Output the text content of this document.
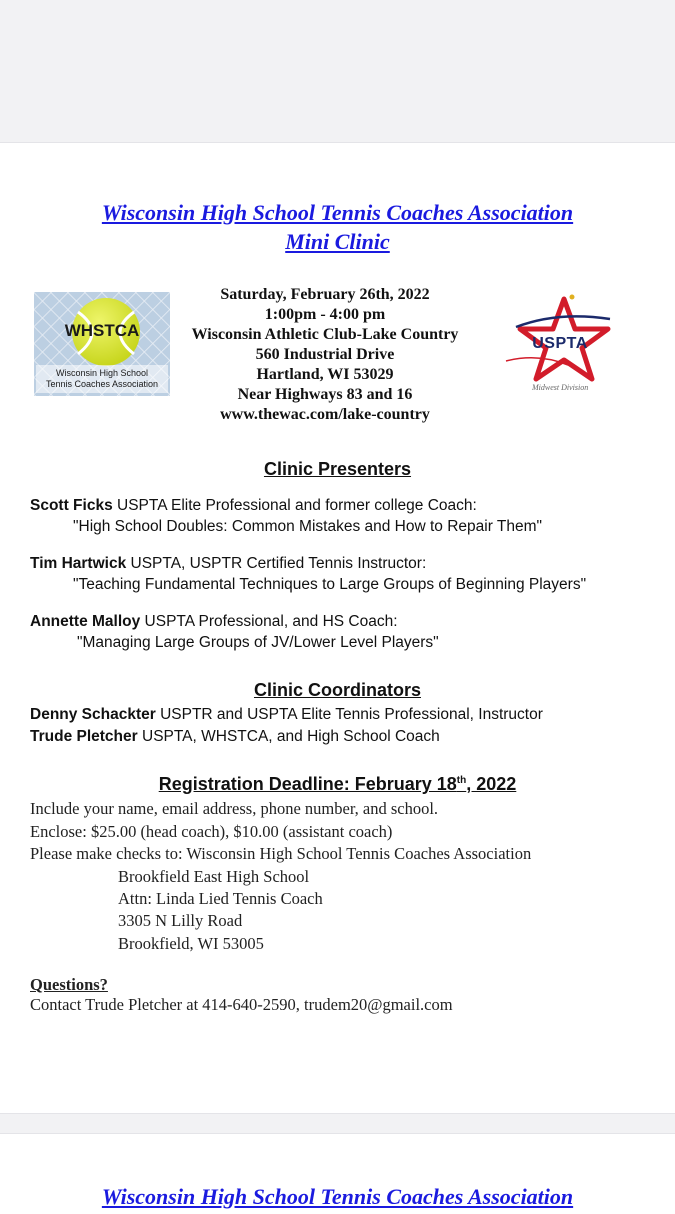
Wisconsin High School Tennis Coaches Association
Mini Clinic
WHSTCA
Wisconsin High School
Tennis Coaches Association
Saturday, February 26th, 2022
1:00pm - 4:00 pm
Wisconsin Athletic Club-Lake Country
560 Industrial Drive
Hartland, WI 53029
Near Highways 83 and 16
www.thewac.com/lake-country
USPTA
Midwest Division
Clinic Presenters
Scott Ficks USPTA Elite Professional and former college Coach:
"High School Doubles: Common Mistakes and How to Repair Them"
Tim Hartwick USPTA, USPTR Certified Tennis Instructor:
"Teaching Fundamental Techniques to Large Groups of Beginning Players"
Annette Malloy USPTA Professional, and HS Coach:
"Managing Large Groups of JV/Lower Level Players"
Clinic Coordinators
Denny Schackter USPTR and USPTA Elite Tennis Professional, Instructor
Trude Pletcher USPTA, WHSTCA, and High School Coach
Registration Deadline: February 18th, 2022
Include your name, email address, phone number, and school.
Enclose: $25.00 (head coach), $10.00 (assistant coach)
Please make checks to: Wisconsin High School Tennis Coaches Association
Brookfield East High School
Attn: Linda Lied Tennis Coach
3305 N Lilly Road
Brookfield, WI 53005
Questions?
Contact Trude Pletcher at 414-640-2590, trudem20@gmail.com
Wisconsin High School Tennis Coaches Association
